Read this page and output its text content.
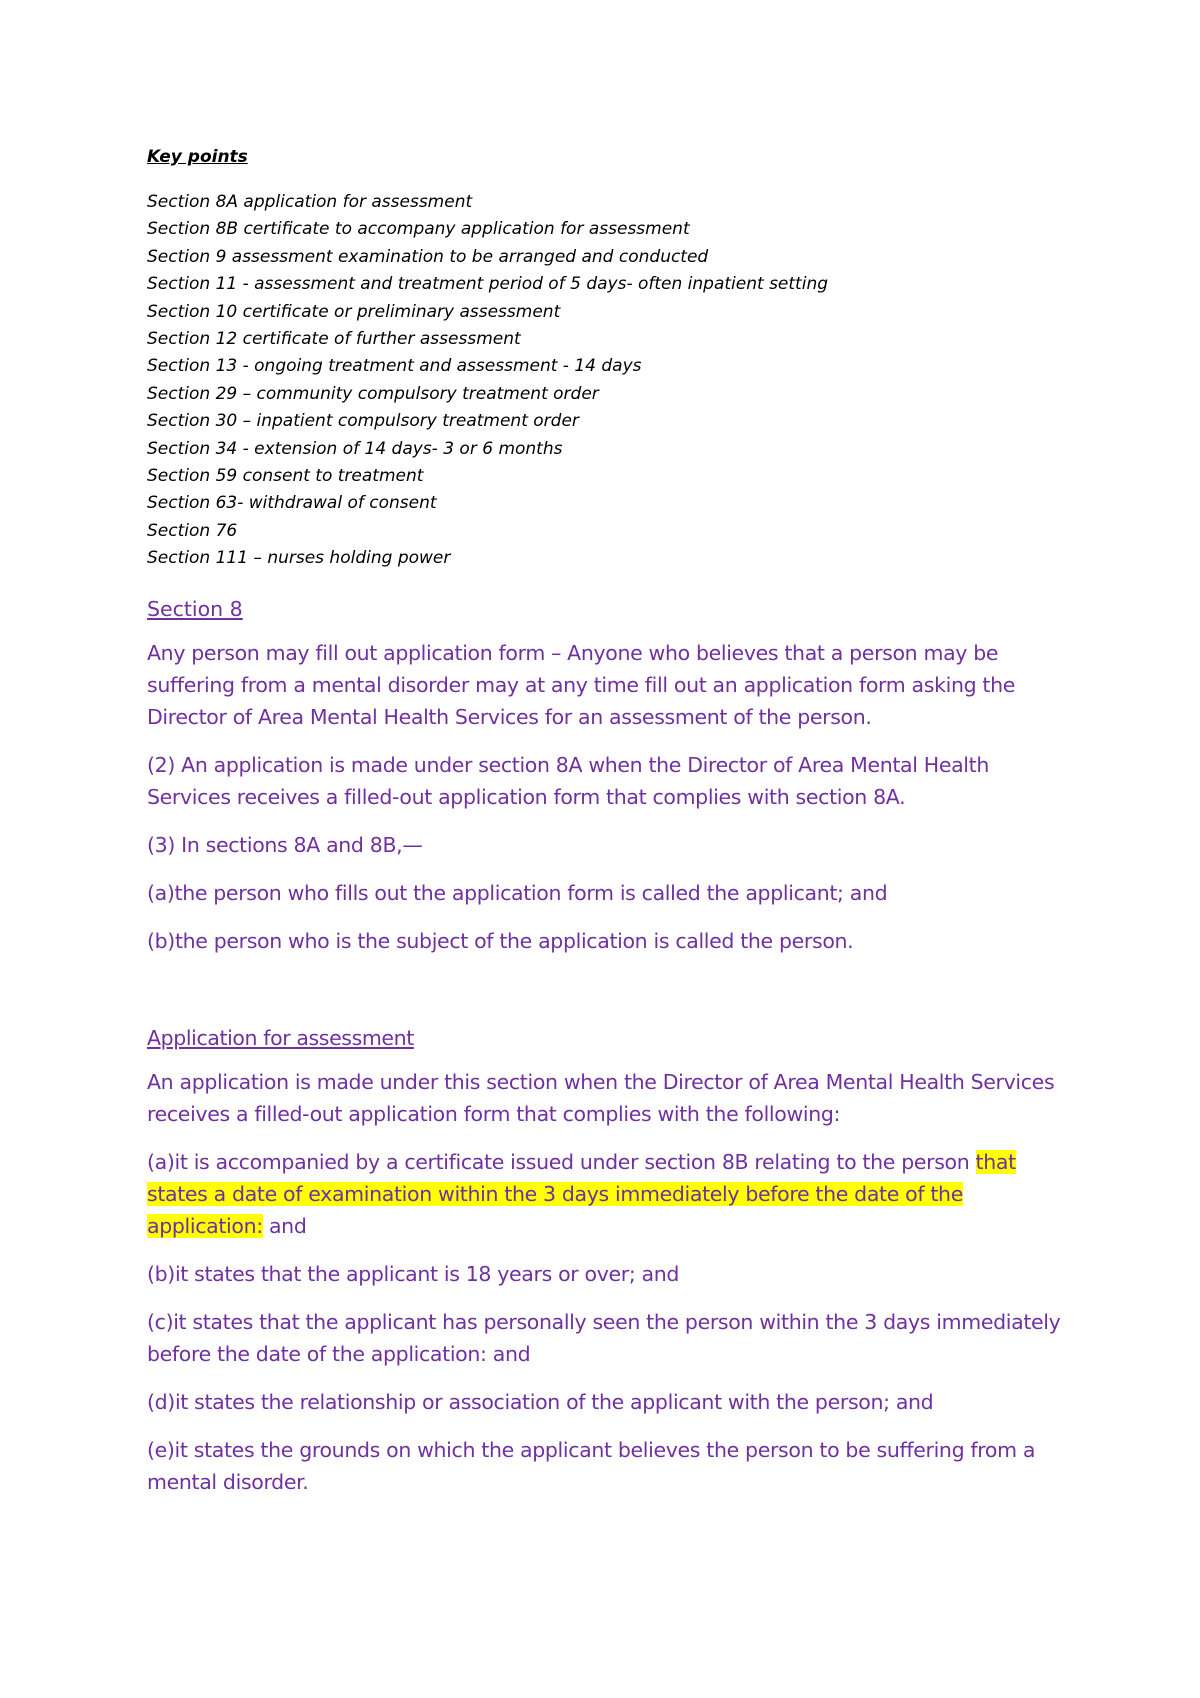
Key points
Section 8A application for assessment
Section 8B certificate to accompany application for assessment
Section 9 assessment examination to be arranged and conducted
Section 11 - assessment and treatment period of 5 days- often inpatient setting
Section 10 certificate or preliminary assessment
Section 12 certificate of further assessment
Section 13 - ongoing treatment and assessment - 14 days
Section 29 – community compulsory treatment order
Section 30 – inpatient compulsory treatment order
Section 34 - extension of 14 days- 3 or 6 months
Section 59 consent to treatment
Section 63- withdrawal of consent
Section 76
Section 111 – nurses holding power
Section 8

Any person may fill out application form – Anyone who believes that a person may be suffering from a mental disorder may at any time fill out an application form asking the Director of Area Mental Health Services for an assessment of the person.

(2) An application is made under section 8A when the Director of Area Mental Health Services receives a filled-out application form that complies with section 8A.

(3) In sections 8A and 8B,—

(a)the person who fills out the application form is called the applicant; and

(b)the person who is the subject of the application is called the person.

Application for assessment

An application is made under this section when the Director of Area Mental Health Services receives a filled-out application form that complies with the following:

(a)it is accompanied by a certificate issued under section 8B relating to the person that states a date of examination within the 3 days immediately before the date of the application: and

(b)it states that the applicant is 18 years or over; and

(c)it states that the applicant has personally seen the person within the 3 days immediately before the date of the application: and

(d)it states the relationship or association of the applicant with the person; and

(e)it states the grounds on which the applicant believes the person to be suffering from a mental disorder.
